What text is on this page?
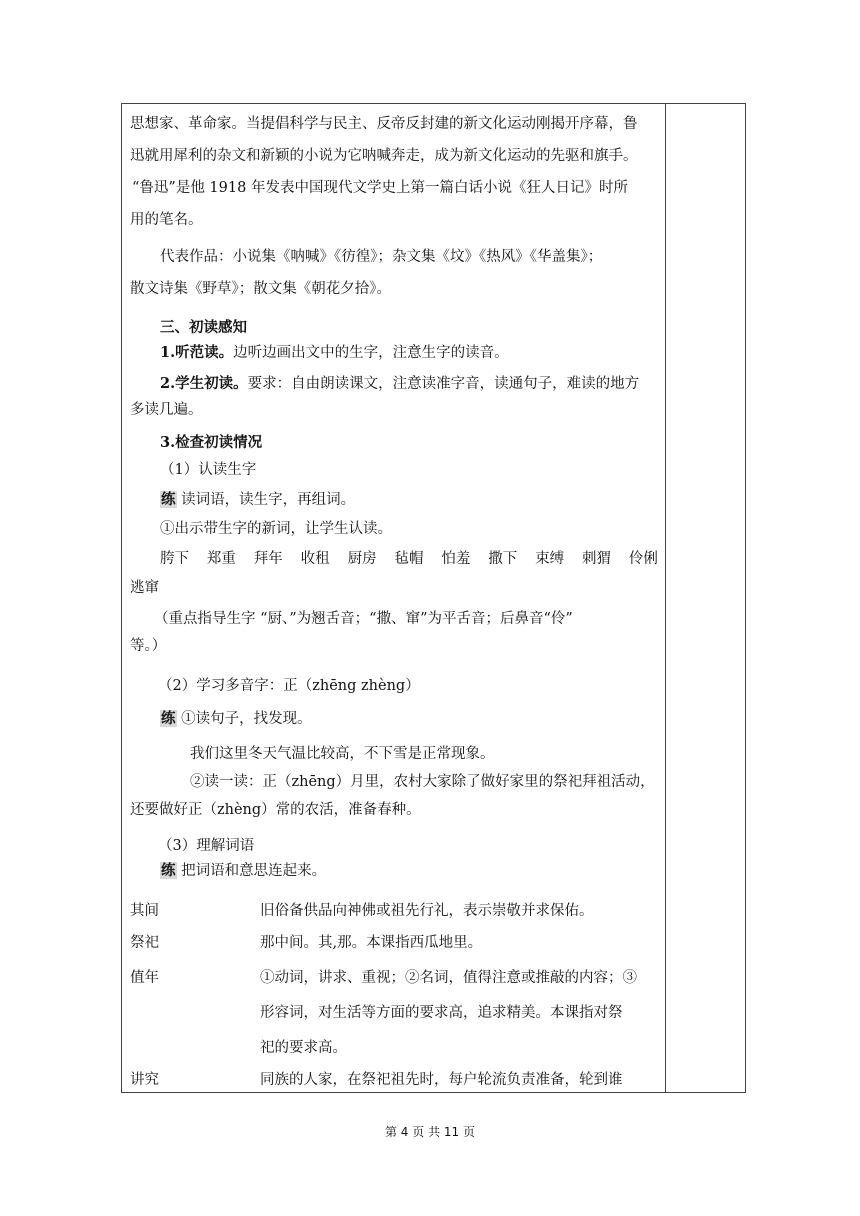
思想家、革命家。当提倡科学与民主、反帝反封建的新文化运动刚揭开序幕，鲁
迅就用犀利的杂文和新颖的小说为它呐喊奔走，成为新文化运动的先驱和旗手。
“鲁迅”是他 1918 年发表中国现代文学史上第一篇白话小说《狂人日记》时所
用的笔名。
代表作品：小说集《呐喊》《彷徨》；杂文集《坟》《热风》《华盖集》；
散文诗集《野草》；散文集《朝花夕拾》。
三、初读感知
1.听范读。边听边画出文中的生字，注意生字的读音。
2.学生初读。要求：自由朗读课文，注意读准字音，读通句子，难读的地方
多读几遍。
3.检查初读情况
（1）认读生字
练 读词语，读生字，再组词。
①出示带生字的新词，让学生认读。
胯下 郑重 拜年 收租 厨房 毡帽 怕羞 撒下 束缚 刺猬 伶俐
逃窜
（重点指导生字 “厨、”为翘舌音；“撒、窜”为平舌音；后鼻音“伶”
等。）
（2）学习多音字：正（zhēng zhèng）
练 ①读句子，找发现。
我们这里冬天气温比较高，不下雪是正常现象。
②读一读：正（zhēng）月里，农村大家除了做好家里的祭祀拜祖活动，
还要做好正（zhèng）常的农活，准备春种。
（3）理解词语
练 把词语和意思连起来。
其间	旧俗备供品向神佛或祖先行礼，表示崇敬并求保佑。
祭祀	那中间。其,那。本课指西瓜地里。
值年	①动词，讲求、重视；②名词，值得注意或推敲的内容；③
形容词，对生活等方面的要求高，追求精美。本课指对祭
祀的要求高。
讲究	同族的人家，在祭祀祖先时，每户轮流负责准备，轮到谁
第 4 页 共 11 页
